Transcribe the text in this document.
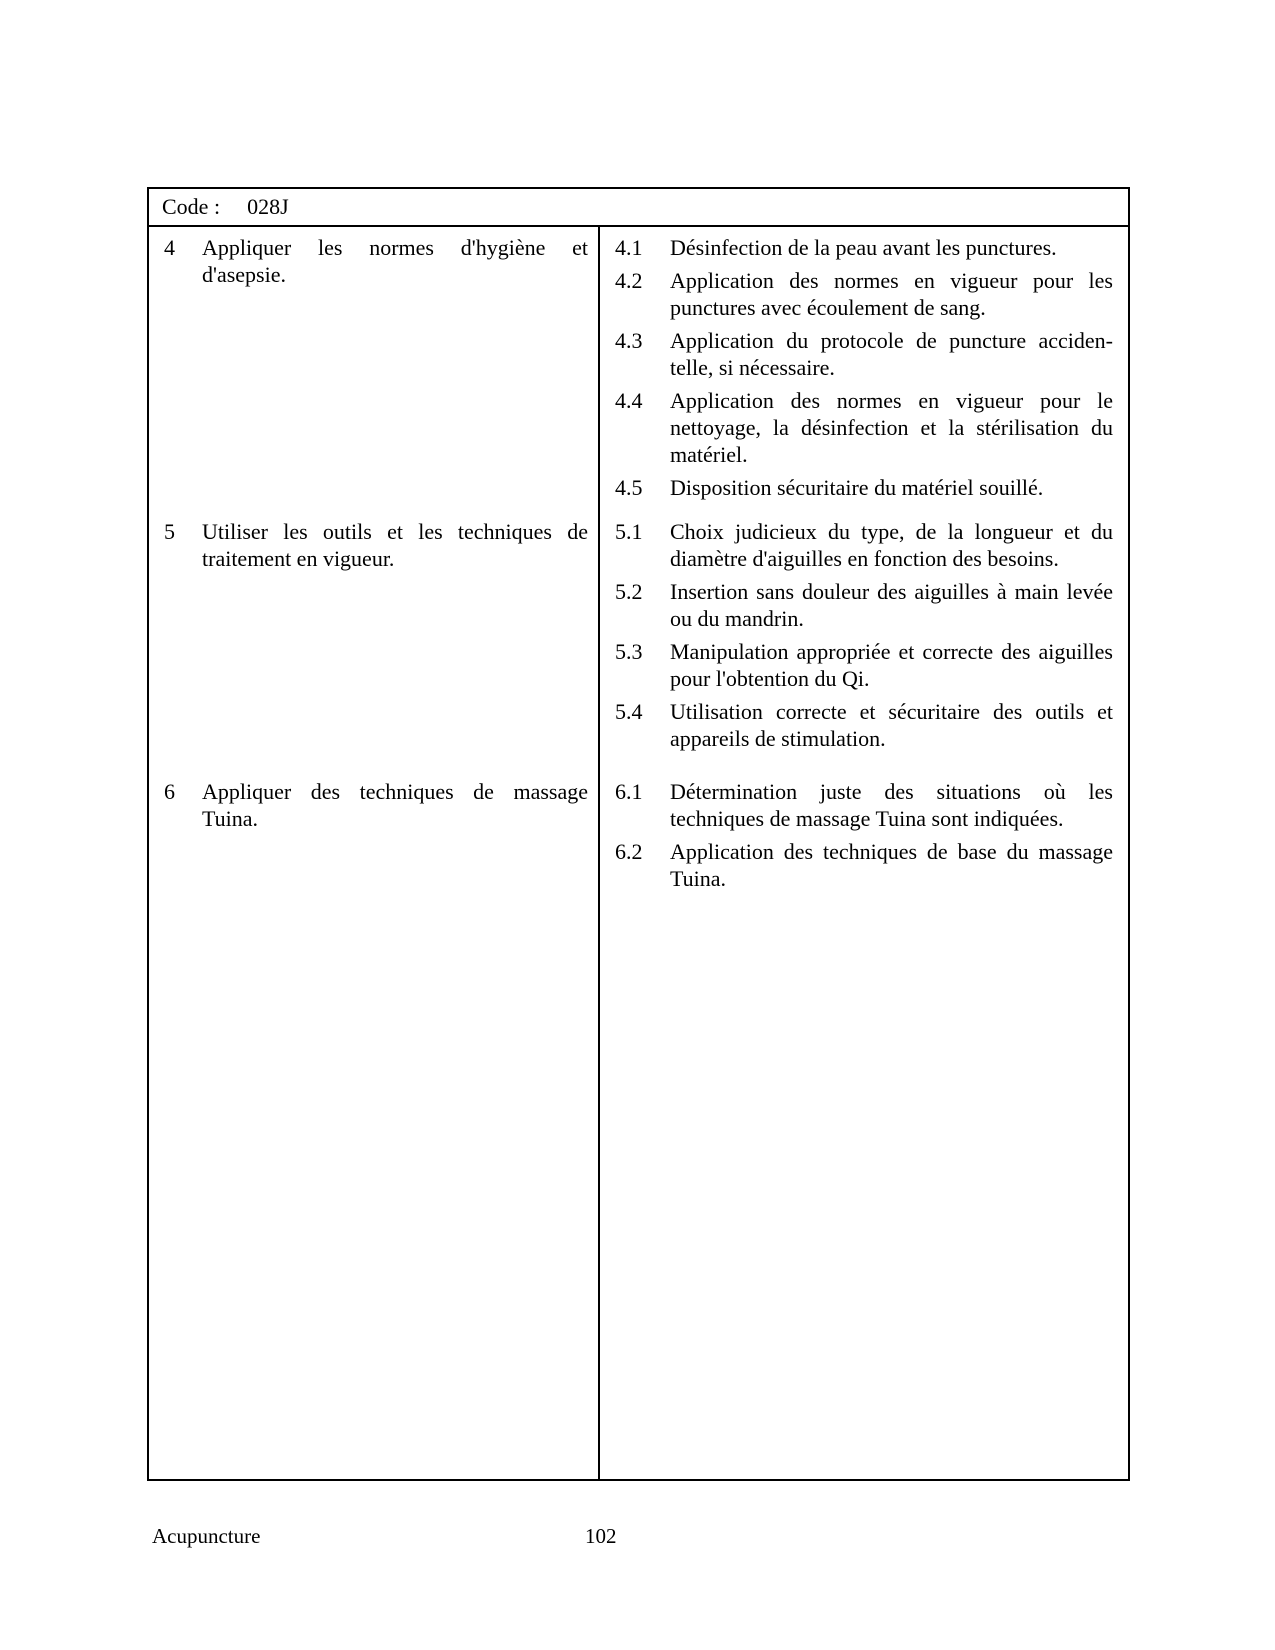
Code : 028J
4	Appliquer les normes d'hygiène et
d'asepsie.
4.1	Désinfection de la peau avant les punctures.
4.2	Application des normes en vigueur pour les
punctures avec écoulement de sang.
4.3	Application du protocole de puncture acciden-
telle, si nécessaire.
4.4	Application des normes en vigueur pour le
nettoyage, la désinfection et la stérilisation du
matériel.
4.5	Disposition sécuritaire du matériel souillé.
5	Utiliser les outils et les techniques de
traitement en vigueur.
5.1	Choix judicieux du type, de la longueur et du
diamètre d'aiguilles en fonction des besoins.
5.2	Insertion sans douleur des aiguilles à main levée
ou du mandrin.
5.3	Manipulation appropriée et correcte des aiguilles
pour l'obtention du Qi.
5.4	Utilisation correcte et sécuritaire des outils et
appareils de stimulation.
6	Appliquer des techniques de massage
Tuina.
6.1	Détermination juste des situations où les
techniques de massage Tuina sont indiquées.
6.2	Application des techniques de base du massage
Tuina.
Acupuncture	102
